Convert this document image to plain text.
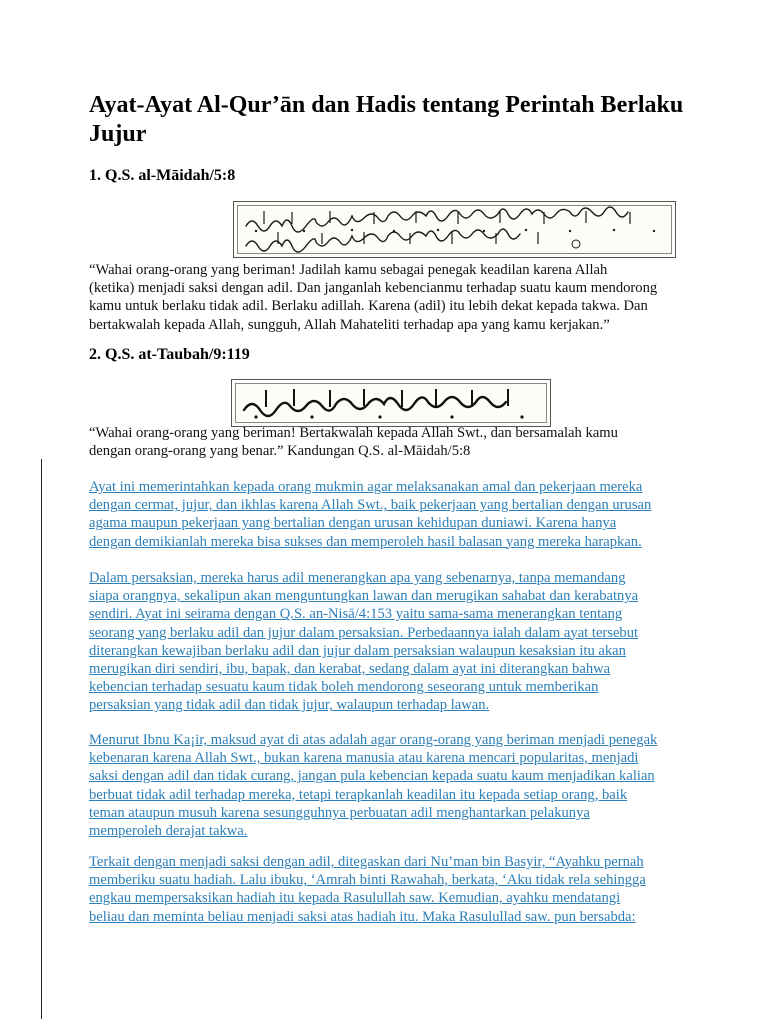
Ayat-Ayat Al-Qur’ān dan Hadis tentang Perintah Berlaku Jujur
1. Q.S. al-Māidah/5:8

“Wahai orang-orang yang beriman! Jadilah kamu sebagai penegak keadilan karena Allah
(ketika) menjadi saksi dengan adil. Dan janganlah kebencianmu terhadap suatu kaum mendorong
kamu untuk berlaku tidak adil. Berlaku adillah. Karena (adil) itu lebih dekat kepada takwa. Dan
bertakwalah kepada Allah, sungguh, Allah Mahateliti terhadap apa yang kamu kerjakan.”

2. Q.S. at-Taubah/9:119

“Wahai orang-orang yang beriman! Bertakwalah kepada Allah Swt., dan bersamalah kamu
dengan orang-orang yang benar.” Kandungan Q.S. al-Māidah/5:8

Ayat ini memerintahkan kepada orang mukmin agar melaksanakan amal dan pekerjaan mereka
dengan cermat, jujur, dan ikhlas karena Allah Swt., baik pekerjaan yang bertalian dengan urusan
agama maupun pekerjaan yang bertalian dengan urusan kehidupan duniawi. Karena hanya
dengan demikianlah mereka bisa sukses dan memperoleh hasil balasan yang mereka harapkan.

Dalam persaksian, mereka harus adil menerangkan apa yang sebenarnya, tanpa memandang
siapa orangnya, sekalipun akan menguntungkan lawan dan merugikan sahabat dan kerabatnya
sendiri. Ayat ini seirama dengan Q.S. an-Nisā/4:153 yaitu sama-sama menerangkan tentang
seorang yang berlaku adil dan jujur dalam persaksian. Perbedaannya ialah dalam ayat tersebut
diterangkan kewajiban berlaku adil dan jujur dalam persaksian walaupun kesaksian itu akan
merugikan diri sendiri, ibu, bapak, dan kerabat, sedang dalam ayat ini diterangkan bahwa
kebencian terhadap sesuatu kaum tidak boleh mendorong seseorang untuk memberikan
persaksian yang tidak adil dan tidak jujur, walaupun terhadap lawan.

Menurut Ibnu Ka¡ir, maksud ayat di atas adalah agar orang-orang yang beriman menjadi penegak
kebenaran karena Allah Swt., bukan karena manusia atau karena mencari popularitas, menjadi
saksi dengan adil dan tidak curang, jangan pula kebencian kepada suatu kaum menjadikan kalian
berbuat tidak adil terhadap mereka, tetapi terapkanlah keadilan itu kepada setiap orang, baik
teman ataupun musuh karena sesungguhnya perbuatan adil menghantarkan pelakunya
memperoleh derajat takwa.

Terkait dengan menjadi saksi dengan adil, ditegaskan dari Nu’man bin Basyir, “Ayahku pernah
memberiku suatu hadiah. Lalu ibuku, ‘Amrah binti Rawahah, berkata, ‘Aku tidak rela sehingga
engkau mempersaksikan hadiah itu kepada Rasulullah saw. Kemudian, ayahku mendatangi
beliau dan meminta beliau menjadi saksi atas hadiah itu. Maka Rasulullad saw. pun bersabda:
